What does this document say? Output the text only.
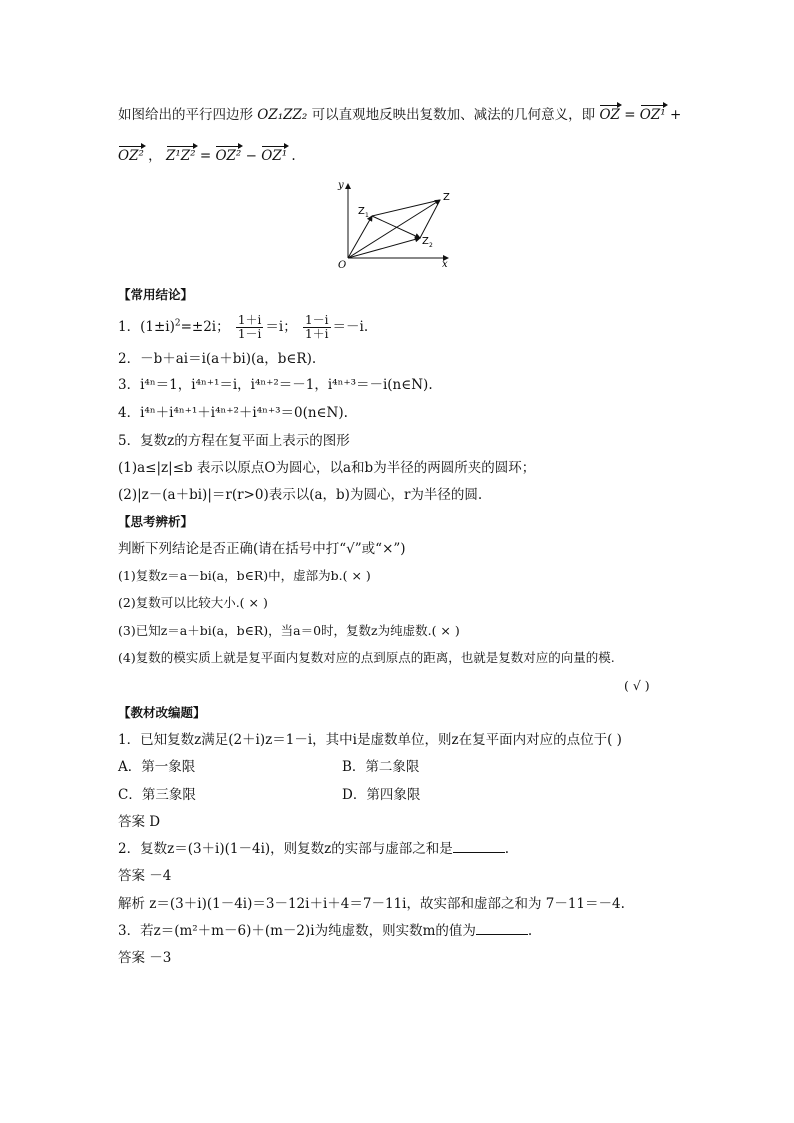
如图给出的平行四边形 OZ₁ZZ₂ 可以直观地反映出复数加、减法的几何意义，即 OZ = OZ¹ +
OZ² ， Z¹Z² = OZ² − OZ¹ .
y
x
O
Z
Z 1
Z 2
【常用结论】
1．$(1\pm i)^2=\pm 2i$； $\frac{1+i}{1-i} =i$； $\frac{1-i}{1+i} =-i$.
2．－b＋ai＝i(a＋bi)(a，b∈R).
3．i⁴ⁿ＝1，i⁴ⁿ⁺¹＝i，i⁴ⁿ⁺²＝－1，i⁴ⁿ⁺³＝－i(n∈N).
4．i⁴ⁿ＋i⁴ⁿ⁺¹＋i⁴ⁿ⁺²＋i⁴ⁿ⁺³＝0(n∈N).
5．复数z的方程在复平面上表示的图形
(1)a≤|z|≤b 表示以原点O为圆心，以a和b为半径的两圆所夹的圆环；
(2)|z－(a＋bi)|＝r(r>0)表示以(a，b)为圆心，r为半径的圆.
【思考辨析】
判断下列结论是否正确(请在括号中打“√”或“×”)
(1)复数z＝a－bi(a，b∈R)中，虚部为b.( × )
(2)复数可以比较大小.( × )
(3)已知z＝a＋bi(a，b∈R)，当a＝0时，复数z为纯虚数.( × )
(4)复数的模实质上就是复平面内复数对应的点到原点的距离，也就是复数对应的向量的模.
( √ )
【教材改编题】
1．已知复数z满足(2＋i)z＝1－i，其中i是虚数单位，则z在复平面内对应的点位于( )
A．第一象限	B．第二象限
C．第三象限	D．第四象限
答案 D
2．复数z＝(3＋i)(1－4i)，则复数z的实部与虚部之和是	.
答案 －4
解析 z＝(3＋i)(1－4i)＝3－12i＋i＋4＝7－11i，故实部和虚部之和为 7－11＝－4.
3．若z＝(m²＋m－6)＋(m－2)i为纯虚数，则实数m的值为	.
答案 －3
